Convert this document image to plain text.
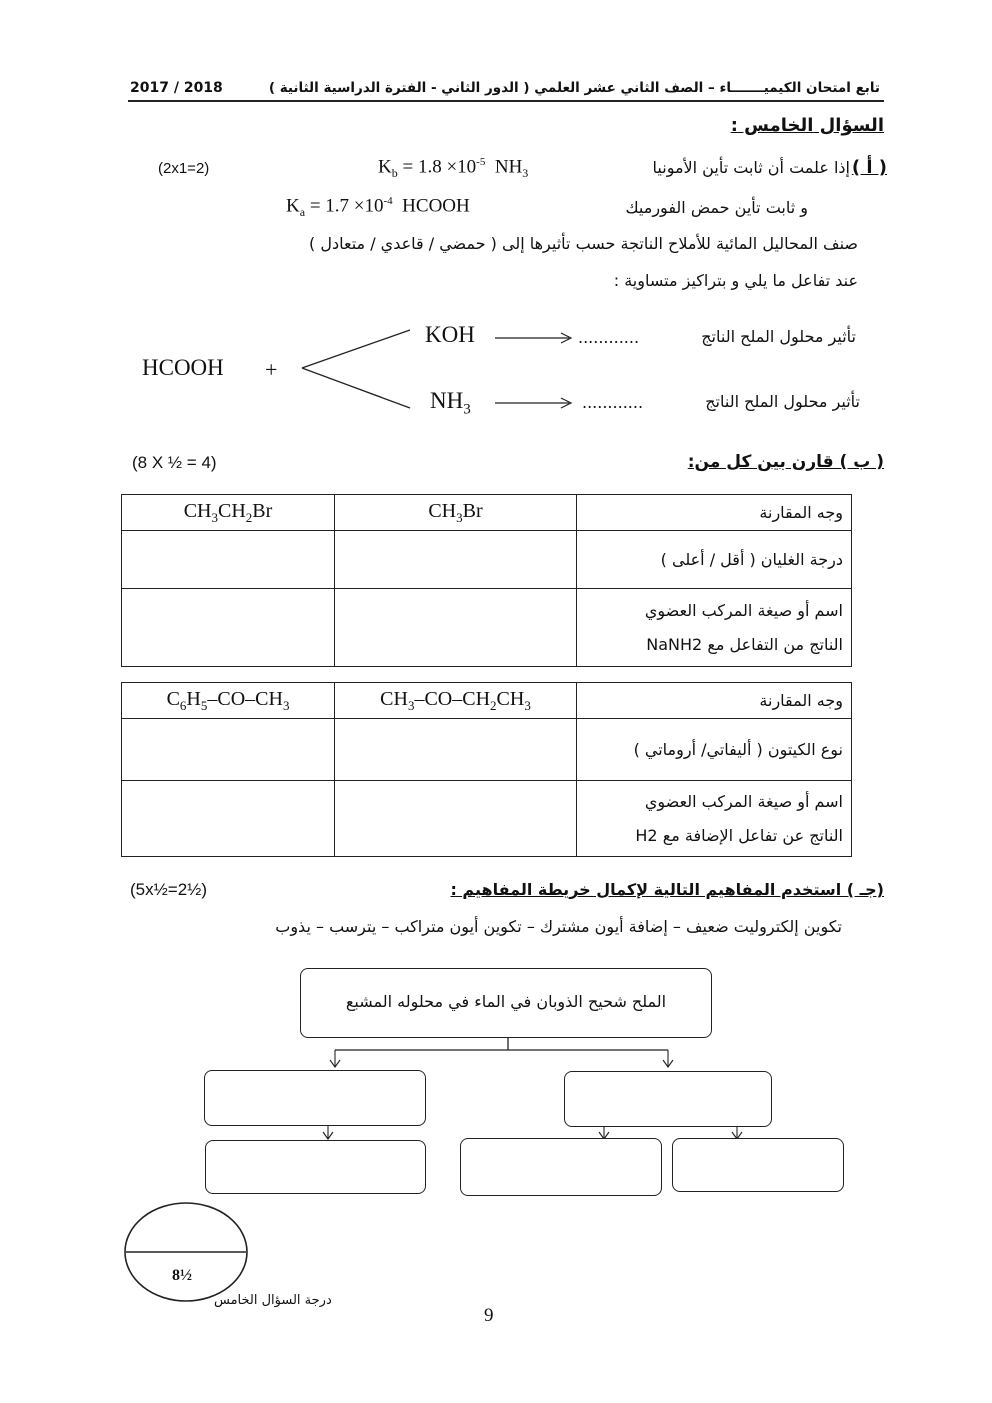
تابع امتحان الكيميـــــــاء – الصف الثاني عشر العلمي ( الدور الثاني - الفترة الدراسية الثانية )
2017 / 2018
السؤال الخامس :
( أ )
(2x1=2)	إذا علمت أن ثابت تأين الأمونيا
$K_b = 1.8 \times 10^{-5}$  $NH_3$
و ثابت تأين حمض الفورميك
$K_a = 1.7 \times 10^{-4}$  HCOOH
صنف المحاليل المائية للأملاح الناتجة حسب تأثيرها إلى ( حمضي / قاعدي / متعادل )
عند تفاعل ما يلي و بتراكيز متساوية :
HCOOH +
KOH	............	تأثير محلول الملح الناتج
$NH_3$	............	تأثير محلول الملح الناتج
( ب ) قارن بين كل من:
(8 X ½ = 4)
$CH_3CH_2Br$	$CH_3Br$	وجه المقارنة
		درجة الغليان ( أقل / أعلى )

		اسم أو صيغة المركب العضوي
الناتج من التفاعل مع NaNH2
$C_6H_5-CO-CH_3$	$CH_3-CO-CH_2CH_3$	وجه المقارنة
		نوع الكيتون ( أليفاتي/ أروماتي )

		اسم أو صيغة المركب العضوي
الناتج عن تفاعل الإضافة مع H2
(جـ ) استخدم المفاهيم التالية لإكمال خريطة المفاهيم :
(5x½=2½)
تكوين إلكتروليت ضعيف – إضافة أيون مشترك – تكوين أيون متراكب – يترسب – يذوب
الملح شحيح الذوبان في الماء في محلوله المشبع
8½
درجة السؤال الخامس
9
